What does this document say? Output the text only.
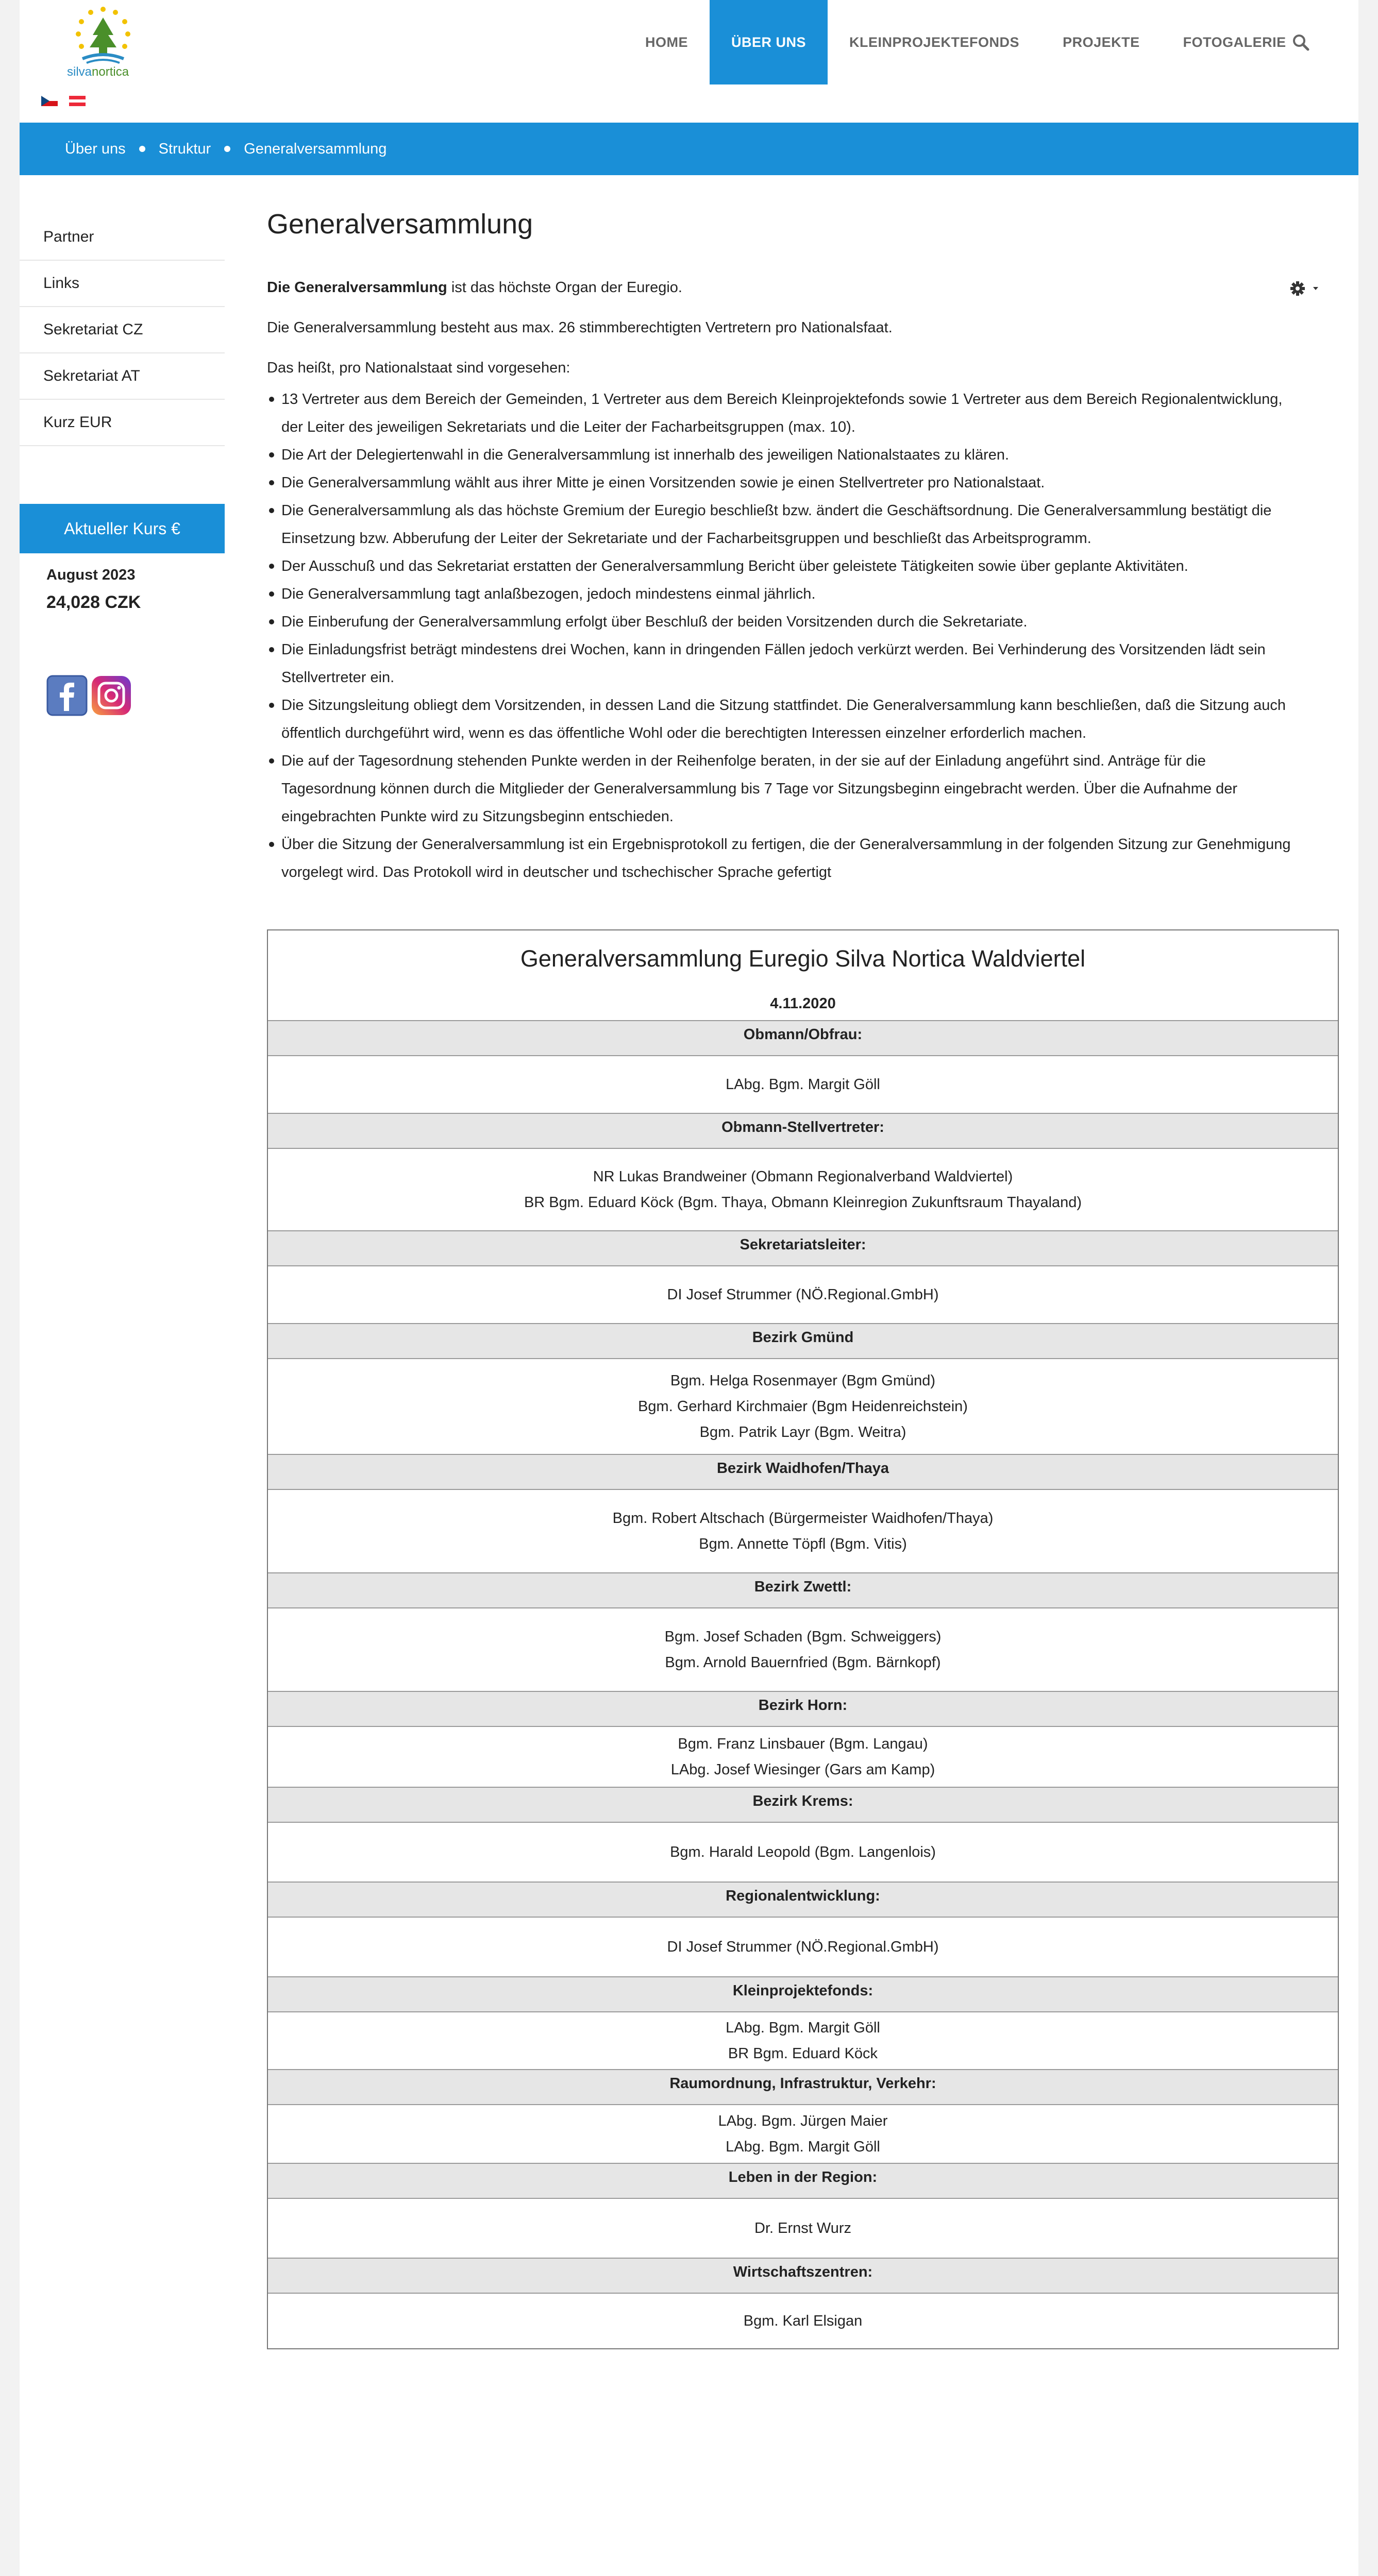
silvanortica
HOME	ÜBER UNS	KLEINPROJEKTEFONDS	PROJEKTE	FOTOGALERIE
Über uns Struktur Generalversammlung
Partner
Links
Sekretariat CZ
Sekretariat AT
Kurz EUR
Aktueller Kurs €
August 2023
24,028 CZK
Generalversammlung
Die Generalversammlung ist das höchste Organ der Euregio.
Die Generalversammlung besteht aus max. 26 stimmberechtigten Vertretern pro Nationalsfaat.
Das heißt, pro Nationalstaat sind vorgesehen:
13 Vertreter aus dem Bereich der Gemeinden, 1 Vertreter aus dem Bereich Kleinprojektefonds sowie 1 Vertreter aus dem Bereich Regionalentwicklung,
der Leiter des jeweiligen Sekretariats und die Leiter der Facharbeitsgruppen (max. 10).
Die Art der Delegiertenwahl in die Generalversammlung ist innerhalb des jeweiligen Nationalstaates zu klären.
Die Generalversammlung wählt aus ihrer Mitte je einen Vorsitzenden sowie je einen Stellvertreter pro Nationalstaat.
Die Generalversammlung als das höchste Gremium der Euregio beschließt bzw. ändert die Geschäftsordnung. Die Generalversammlung bestätigt die
Einsetzung bzw. Abberufung der Leiter der Sekretariate und der Facharbeitsgruppen und beschließt das Arbeitsprogramm.
Der Ausschuß und das Sekretariat erstatten der Generalversammlung Bericht über geleistete Tätigkeiten sowie über geplante Aktivitäten.
Die Generalversammlung tagt anlaßbezogen, jedoch mindestens einmal jährlich.
Die Einberufung der Generalversammlung erfolgt über Beschluß der beiden Vorsitzenden durch die Sekretariate.
Die Einladungsfrist beträgt mindestens drei Wochen, kann in dringenden Fällen jedoch verkürzt werden. Bei Verhinderung des Vorsitzenden lädt sein
Stellvertreter ein.
Die Sitzungsleitung obliegt dem Vorsitzenden, in dessen Land die Sitzung stattfindet. Die Generalversammlung kann beschließen, daß die Sitzung auch
öffentlich durchgeführt wird, wenn es das öffentliche Wohl oder die berechtigten Interessen einzelner erforderlich machen.
Die auf der Tagesordnung stehenden Punkte werden in der Reihenfolge beraten, in der sie auf der Einladung angeführt sind. Anträge für die
Tagesordnung können durch die Mitglieder der Generalversammlung bis 7 Tage vor Sitzungsbeginn eingebracht werden. Über die Aufnahme der
eingebrachten Punkte wird zu Sitzungsbeginn entschieden.
Über die Sitzung der Generalversammlung ist ein Ergebnisprotokoll zu fertigen, die der Generalversammlung in der folgenden Sitzung zur Genehmigung
vorgelegt wird. Das Protokoll wird in deutscher und tschechischer Sprache gefertigt
Generalversammlung Euregio Silva Nortica Waldviertel
4.11.2020
Obmann/Obfrau:
LAbg. Bgm. Margit Göll
Obmann-Stellvertreter:
NR Lukas Brandweiner (Obmann Regionalverband Waldviertel)
BR Bgm. Eduard Köck (Bgm. Thaya, Obmann Kleinregion Zukunftsraum Thayaland)
Sekretariatsleiter:
DI Josef Strummer (NÖ.Regional.GmbH)
Bezirk Gmünd
Bgm. Helga Rosenmayer (Bgm Gmünd)
Bgm. Gerhard Kirchmaier (Bgm Heidenreichstein)
Bgm. Patrik Layr (Bgm. Weitra)
Bezirk Waidhofen/Thaya
Bgm. Robert Altschach (Bürgermeister Waidhofen/Thaya)
Bgm. Annette Töpfl (Bgm. Vitis)
Bezirk Zwettl:
Bgm. Josef Schaden (Bgm. Schweiggers)
Bgm. Arnold Bauernfried (Bgm. Bärnkopf)
Bezirk Horn:
Bgm. Franz Linsbauer (Bgm. Langau)
LAbg. Josef Wiesinger (Gars am Kamp)
Bezirk Krems:
Bgm. Harald Leopold (Bgm. Langenlois)
Regionalentwicklung:
DI Josef Strummer (NÖ.Regional.GmbH)
Kleinprojektefonds:
LAbg. Bgm. Margit Göll
BR Bgm. Eduard Köck
Raumordnung, Infrastruktur, Verkehr:
LAbg. Bgm. Jürgen Maier
LAbg. Bgm. Margit Göll
Leben in der Region:
Dr. Ernst Wurz
Wirtschaftszentren:
Bgm. Karl Elsigan
